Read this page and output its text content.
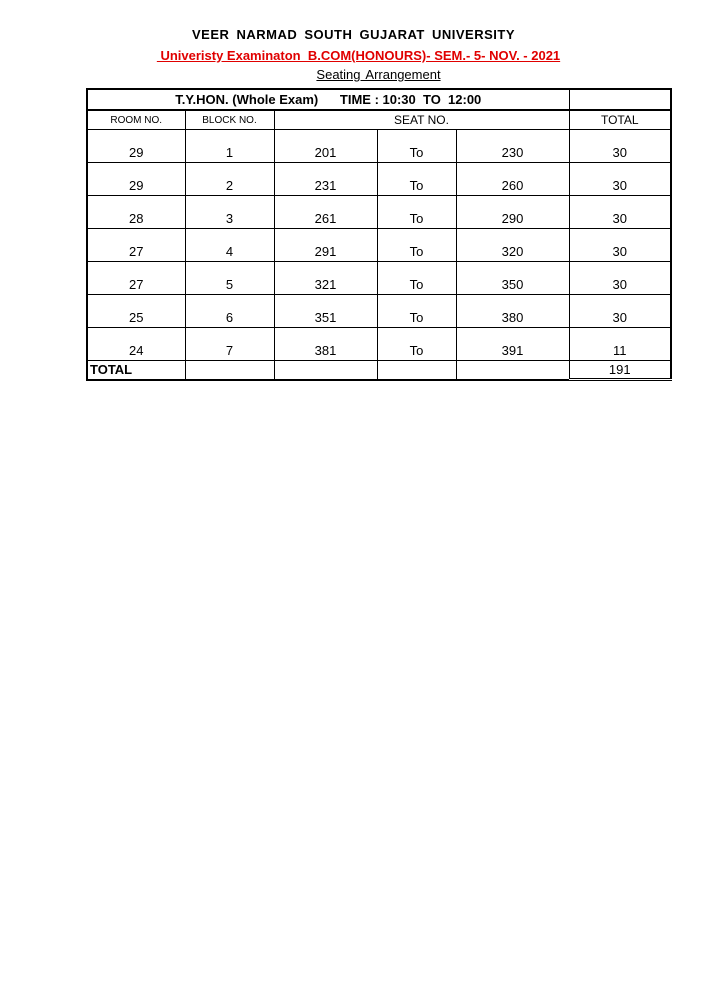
VEER NARMAD SOUTH GUJARAT UNIVERSITY
Univeristy Examinaton  B.COM(HONOURS)- SEM.- 5- NOV. - 2021
Seating Arrangement
T.Y.HON. (Whole Exam)      TIME : 10:30  TO  12:00					
ROOM NO.	BLOCK NO.	SEAT NO.			TOTAL
29	1	201	To	230	30
29	2	231	To	260	30
28	3	261	To	290	30
27	4	291	To	320	30
27	5	321	To	350	30
25	6	351	To	380	30
24	7	381	To	391	11
TOTAL					191
